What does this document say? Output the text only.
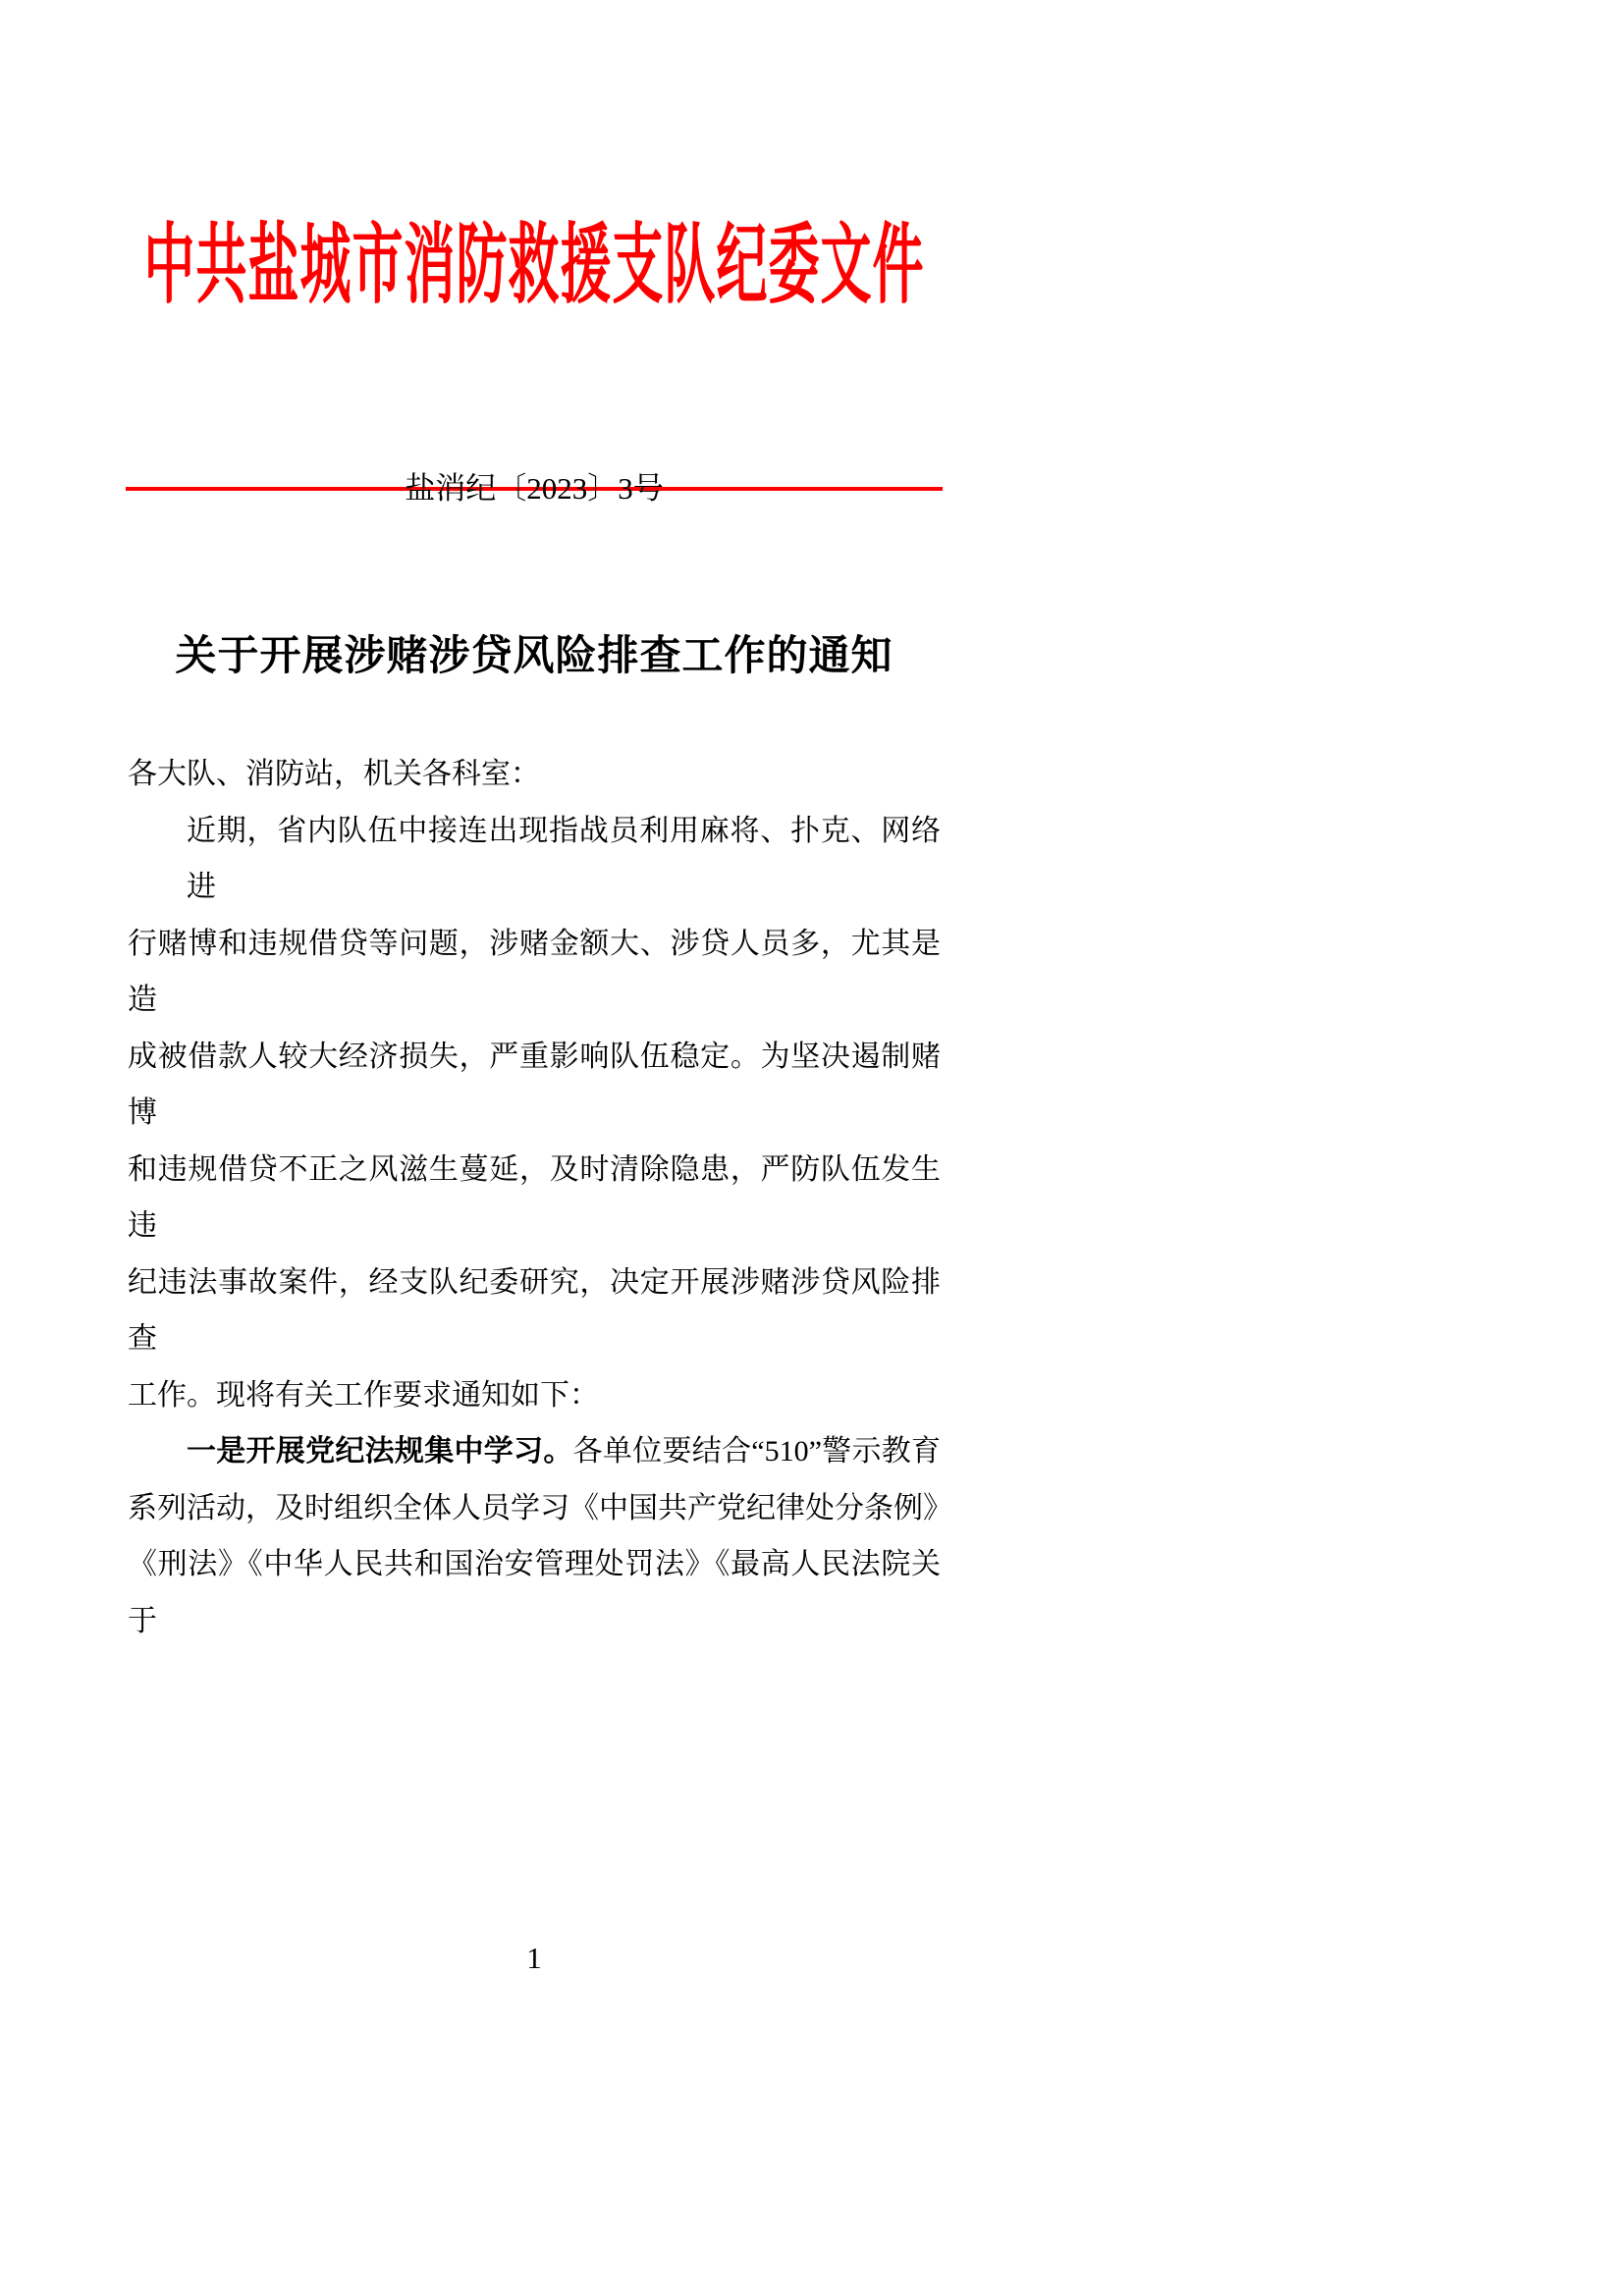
中共盐城市消防救援支队纪委文件
盐消纪〔2023〕3号
关于开展涉赌涉贷风险排查工作的通知
各大队、消防站，机关各科室：
近期，省内队伍中接连出现指战员利用麻将、扑克、网络进
行赌博和违规借贷等问题，涉赌金额大、涉贷人员多，尤其是造
成被借款人较大经济损失，严重影响队伍稳定。为坚决遏制赌博
和违规借贷不正之风滋生蔓延，及时清除隐患，严防队伍发生违
纪违法事故案件，经支队纪委研究，决定开展涉赌涉贷风险排查
工作。现将有关工作要求通知如下：
一是开展党纪法规集中学习。各单位要结合“510”警示教育
系列活动，及时组织全体人员学习《中国共产党纪律处分条例》
《刑法》《中华人民共和国治安管理处罚法》《最高人民法院关于
1
